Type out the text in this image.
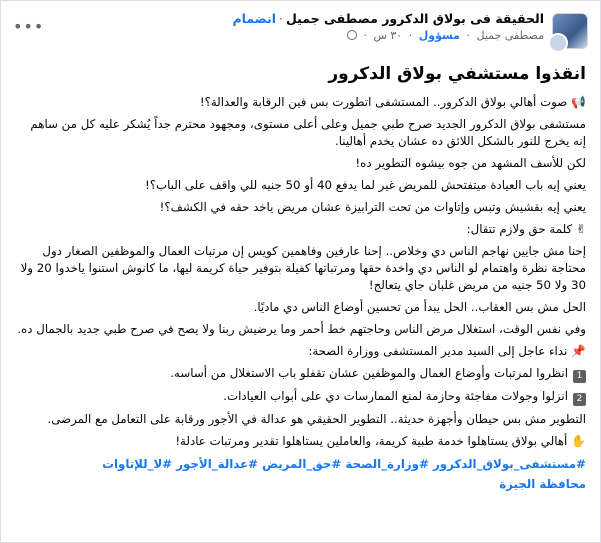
الحقيقة فى بولاق الدكرور مصطفى جميل·انضمام
مصطفى جميل · مسؤول · ٣٠ س ·
•••
انقذوا مستشفي بولاق الدكرور
📢صوت أهالي بولاق الدكرور.. المستشفى اتطورت بس فين الرقابة والعدالة؟!
مستشفى بولاق الدكرور الجديد صرح طبي جميل وعلى أعلى مستوى، ومجهود محترم جداً يُشكر عليه كل من ساهم إنه يخرج للنور بالشكل اللائق ده عشان يخدم أهالينا.
لكن للأسف المشهد من جوه بيشوه التطوير ده!
يعني إيه باب العيادة ميتفتحش للمريض غير لما يدفع 40 أو 50 جنيه للي واقف على الباب؟!
يعني إيه بقشيش وتبس وإتاوات من تحت الترابيزة عشان مريض ياخد حقه في الكشف؟!
✌كلمة حق ولازم تتقال:
إحنا مش جايين نهاجم الناس دي وخلاص.. إحنا عارفين وفاهمين كويس إن مرتبات العمال والموظفين الصغار دول محتاجة نظرة واهتمام لو الناس دي واخدة حقها ومرتباتها كفيلة بتوفير حياة كريمة ليها، ما كانوش استنوا ياخدوا 20 ولا 30 ولا 50 جنيه من مريض غلبان جاي يتعالج!
الحل مش بس العقاب.. الحل يبدأ من تحسين أوضاع الناس دي ماديًا.
وفي نفس الوقت، استغلال مرض الناس وحاجتهم خط أحمر وما يرضيش ربنا ولا يصح في صرح طبي جديد بالجمال ده.
📌نداء عاجل إلى السيد مدير المستشفى ووزارة الصحة:
1انظروا لمرتبات وأوضاع العمال والموظفين عشان تقفلو باب الاستغلال من أساسه.
2انزلوا وجولات مفاجئة وحازمة لمنع الممارسات دي على أبواب العيادات.
التطوير مش بس حيطان وأجهزة حديثة.. التطوير الحقيقي هو عدالة في الأجور ورقابة على التعامل مع المرضى.
✋أهالي بولاق يستاهلوا خدمة طبية كريمة، والعاملين يستاهلوا تقدير ومرتبات عادلة!
#مستشفى_بولاق_الدكرور #وزارة_الصحة #حق_المريض #عدالة_الأجور #لا_للإتاوات
محافظة الجيزة
